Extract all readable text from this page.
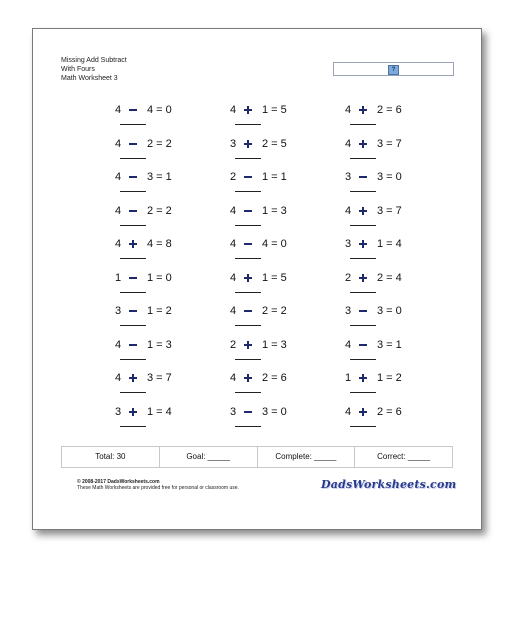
Missing Add Subtract
With Fours
Math Worksheet 3
?
4 4 = 0	4 1 = 5	4 2 = 6
4 2 = 2	3 2 = 5	4 3 = 7
4 3 = 1	2 1 = 1	3 3 = 0
4 2 = 2	4 1 = 3	4 3 = 7
4 4 = 8	4 4 = 0	3 1 = 4
1 1 = 0	4 1 = 5	2 2 = 4
3 1 = 2	4 2 = 2	3 3 = 0
4 1 = 3	2 1 = 3	4 3 = 1
4 3 = 7	4 2 = 6	1 1 = 2
3 1 = 4	3 3 = 0	4 2 = 6
Total: 30	Goal: _____	Complete: _____	Correct: _____
© 2008-2017 DadsWorksheets.com
These Math Worksheets are provided free for personal or classroom use.	DadsWorksheets.com
